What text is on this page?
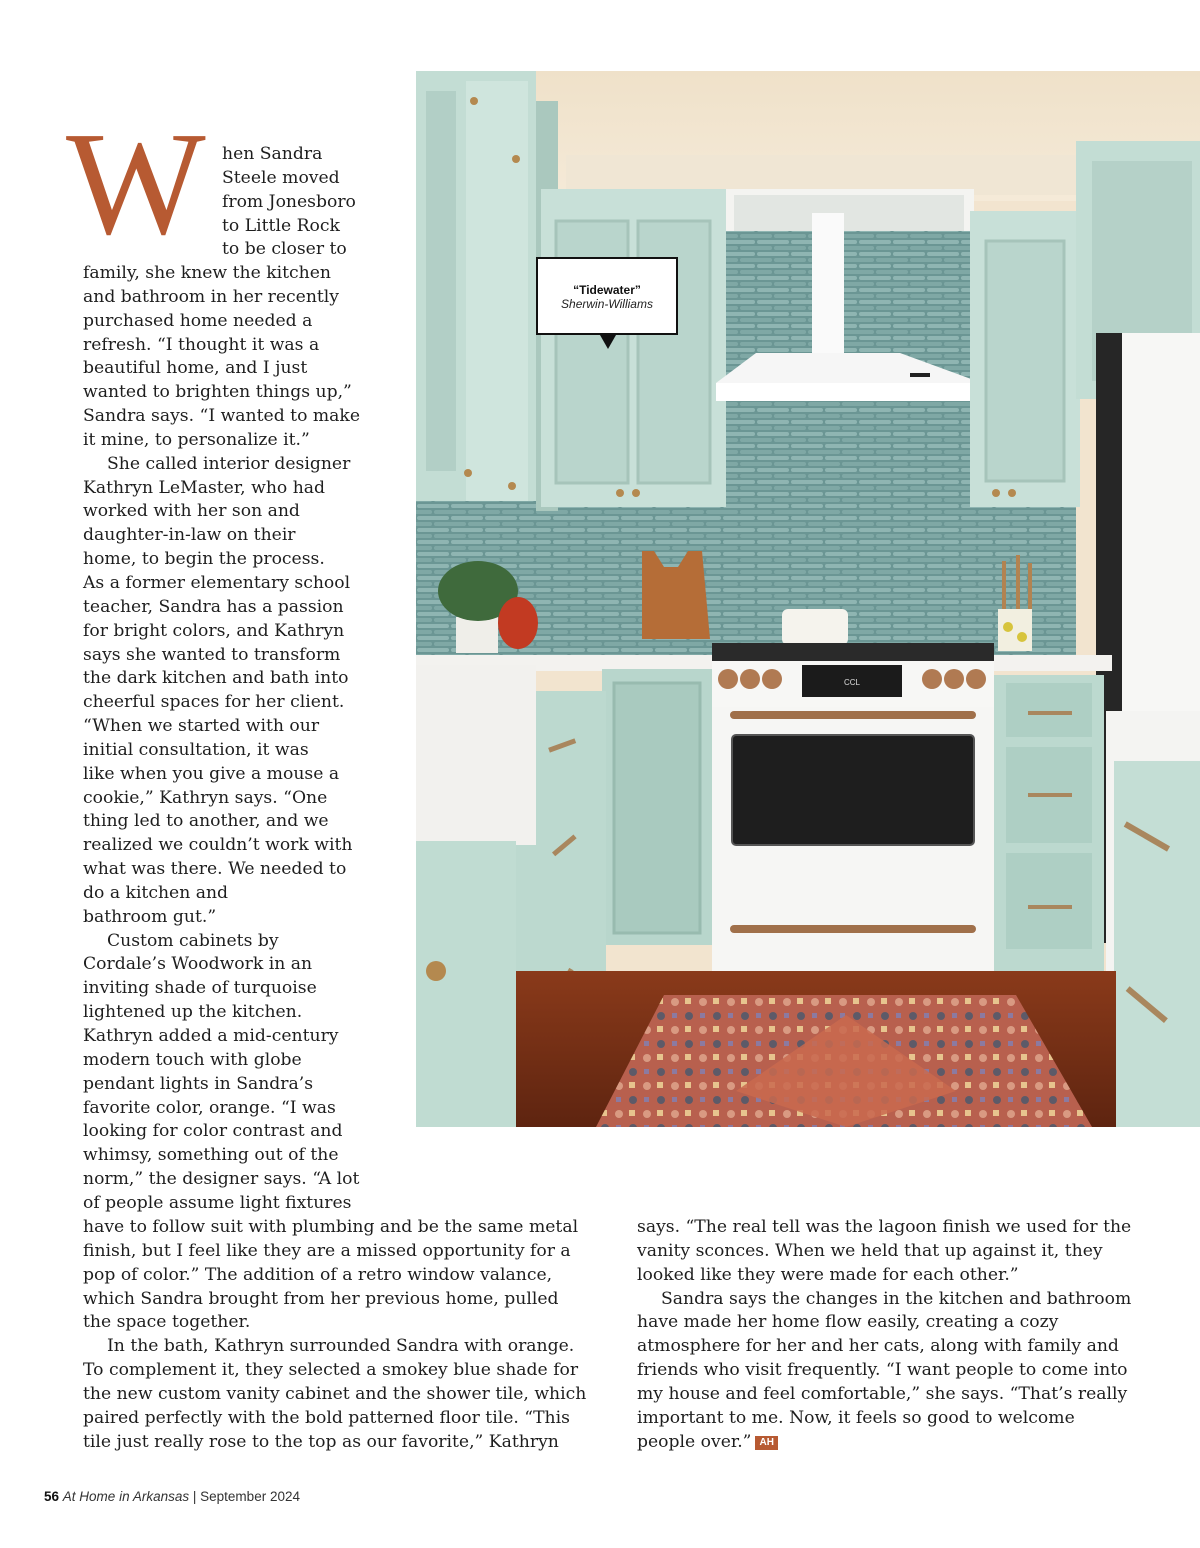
W hen Sandra
Steele moved
from Jonesboro
to Little Rock
to be closer to
family, she knew the kitchen
and bathroom in her recently
purchased home needed a
refresh. “I thought it was a
beautiful home, and I just
wanted to brighten things up,”
Sandra says. “I wanted to make
it mine, to personalize it.”
She called interior designer
Kathryn LeMaster, who had
worked with her son and
daughter-in-law on their
home, to begin the process.
As a former elementary school
teacher, Sandra has a passion
for bright colors, and Kathryn
says she wanted to transform
the dark kitchen and bath into
cheerful spaces for her client.
“When we started with our
initial consultation, it was
like when you give a mouse a
cookie,” Kathryn says. “One
thing led to another, and we
realized we couldn’t work with
what was there. We needed to
do a kitchen and
bathroom gut.”
Custom cabinets by
Cordale’s Woodwork in an
inviting shade of turquoise
lightened up the kitchen.
Kathryn added a mid-century
modern touch with globe
pendant lights in Sandra’s
favorite color, orange. “I was
looking for color contrast and
whimsy, something out of the
norm,” the designer says. “A lot
of people assume light fixtures
have to follow suit with plumbing and be the same metal
finish, but I feel like they are a missed opportunity for a
pop of color.” The addition of a retro window valance,
which Sandra brought from her previous home, pulled
the space together.
In the bath, Kathryn surrounded Sandra with orange.
To complement it, they selected a smokey blue shade for
the new custom vanity cabinet and the shower tile, which
paired perfectly with the bold patterned floor tile. “This
tile just really rose to the top as our favorite,” Kathryn
says. “The real tell was the lagoon finish we used for the
vanity sconces. When we held that up against it, they
looked like they were made for each other.”
Sandra says the changes in the kitchen and bathroom
have made her home flow easily, creating a cozy
atmosphere for her and her cats, along with family and
friends who visit frequently. “I want people to come into
my house and feel comfortable,” she says. “That’s really
important to me. Now, it feels so good to welcome
people over.” AH
CCL
“Tidewater”
Sherwin-Williams
56 At Home in Arkansas | September 2024
